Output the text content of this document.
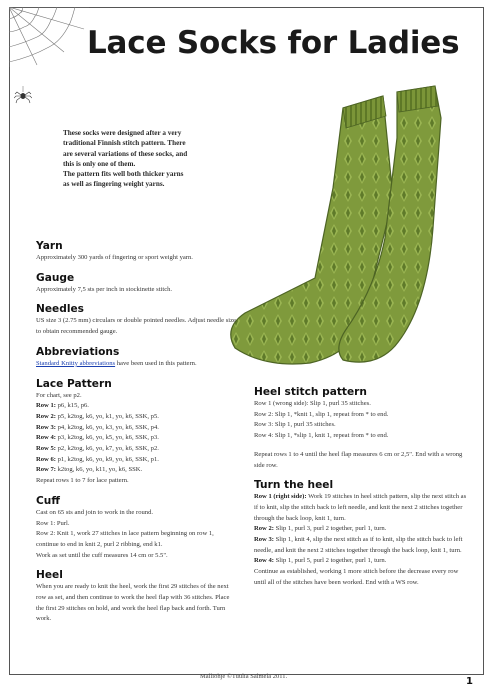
Lace Socks for Ladies

These socks were designed after a very traditional Finnish stitch pattern. There are several variations of these socks, and this is only one of them.

The pattern fits well both thicker yarns as well as fingering weight yarns.

Yarn

Approximately 300 yards of fingering or sport weight yarn.

Gauge

Approximately 7,5 sts per inch in stockinette stitch.

Needles

US size 3 (2.75 mm) circulars or double pointed needles. Adjust needle size to obtain recommended gauge.

Abbreviations

Standard Knitty abbreviations have been used in this pattern.

Lace Pattern

For chart, see p2.

Row 1: p6, k15, p6.

Row 2: p5, k2tog, k6, yo, k1, yo, k6, SSK, p5.

Row 3: p4, k2tog, k6, yo, k3, yo, k6, SSK, p4.

Row 4: p3, k2tog, k6, yo, k5, yo, k6, SSK, p3.

Row 5: p2, k2tog, k6, yo, k7, yo, k6, SSK, p2.

Row 6: p1, k2tog, k6, yo, k9, yo, k6, SSK, p1.

Row 7: k2tog, k6, yo, k11, yo, k6, SSK.

Repeat rows 1 to 7 for lace pattern.

Cuff

Cast on 65 sts and join to work in the round.

Row 1: Purl.

Row 2: Knit 1, work 27 stitches in lace pattern beginning on row 1, continue to end in knit 2, purl 2 ribbing, end k1.

Work as set until the cuff measures 14 cm or 5.5".

Heel

When you are ready to knit the heel, work the first 29 stitches of the next row as set, and then continue to work the heel flap with 36 stitches. Place the first 29 stitches on hold, and work the heel flap back and forth. Turn work.

Heel stitch pattern

Row 1 (wrong side): Slip 1, purl 35 stitches.

Row 2: Slip 1, *knit 1, slip 1, repeat from * to end.

Row 3: Slip 1, purl 35 stitches.

Row 4: Slip 1, *slip 1, knit 1, repeat from * to end.

Repeat rows 1 to 4 until the heel flap measures 6 cm or 2,5". End with a wrong side row.

Turn the heel

Row 1 (right side): Work 19 stitches in heel stitch pattern, slip the next stitch as if to knit, slip the stitch back to left needle, and knit the next 2 stitches together through the back loop, knit 1, turn.

Row 2: Slip 1, purl 3, purl 2 together, purl 1, turn.

Row 3: Slip 1, knit 4, slip the next stitch as if to knit, slip the stitch back to left needle, and knit the next 2 stitches together through the back loop, knit 1, turn.

Row 4: Slip 1, purl 5, purl 2 together, purl 1, turn.

Continue as established, working 1 more stitch before the decrease every row until all of the stitches have been worked. End with a WS row.

Malliohje ©Tuulia Salmela 2011.	1
